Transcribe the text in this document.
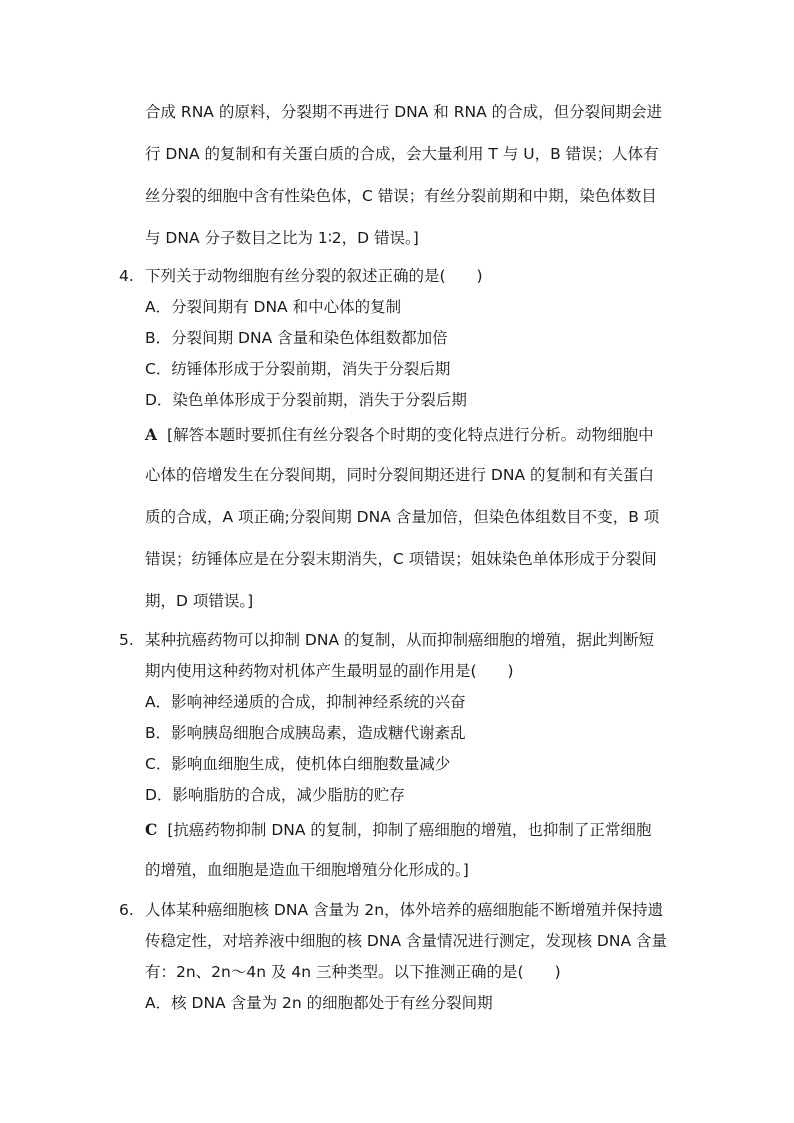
合成 RNA 的原料，分裂期不再进行 DNA 和 RNA 的合成，但分裂间期会进
行 DNA 的复制和有关蛋白质的合成，会大量利用 T 与 U，B 错误；人体有
丝分裂的细胞中含有性染色体，C 错误；有丝分裂前期和中期，染色体数目
与 DNA 分子数目之比为 1∶2，D 错误。]
4. 下列关于动物细胞有丝分裂的叙述正确的是(　　)
A．分裂间期有 DNA 和中心体的复制
B．分裂间期 DNA 含量和染色体组数都加倍
C．纺锤体形成于分裂前期，消失于分裂后期
D．染色单体形成于分裂前期，消失于分裂后期
A [解答本题时要抓住有丝分裂各个时期的变化特点进行分析。动物细胞中
心体的倍增发生在分裂间期，同时分裂间期还进行 DNA 的复制和有关蛋白
质的合成，A 项正确;分裂间期 DNA 含量加倍，但染色体组数目不变，B 项
错误；纺锤体应是在分裂末期消失，C 项错误；姐妹染色单体形成于分裂间
期，D 项错误。]
5. 某种抗癌药物可以抑制 DNA 的复制，从而抑制癌细胞的增殖，据此判断短
期内使用这种药物对机体产生最明显的副作用是(　　)
A．影响神经递质的合成，抑制神经系统的兴奋
B．影响胰岛细胞合成胰岛素，造成糖代谢紊乱
C．影响血细胞生成，使机体白细胞数量减少
D．影响脂肪的合成，减少脂肪的贮存
C [抗癌药物抑制 DNA 的复制，抑制了癌细胞的增殖，也抑制了正常细胞
的增殖，血细胞是造血干细胞增殖分化形成的。]
6. 人体某种癌细胞核 DNA 含量为 2n，体外培养的癌细胞能不断增殖并保持遗
传稳定性，对培养液中细胞的核 DNA 含量情况进行测定，发现核 DNA 含量
有：2n、2n～4n 及 4n 三种类型。以下推测正确的是(　　)
A．核 DNA 含量为 2n 的细胞都处于有丝分裂间期
